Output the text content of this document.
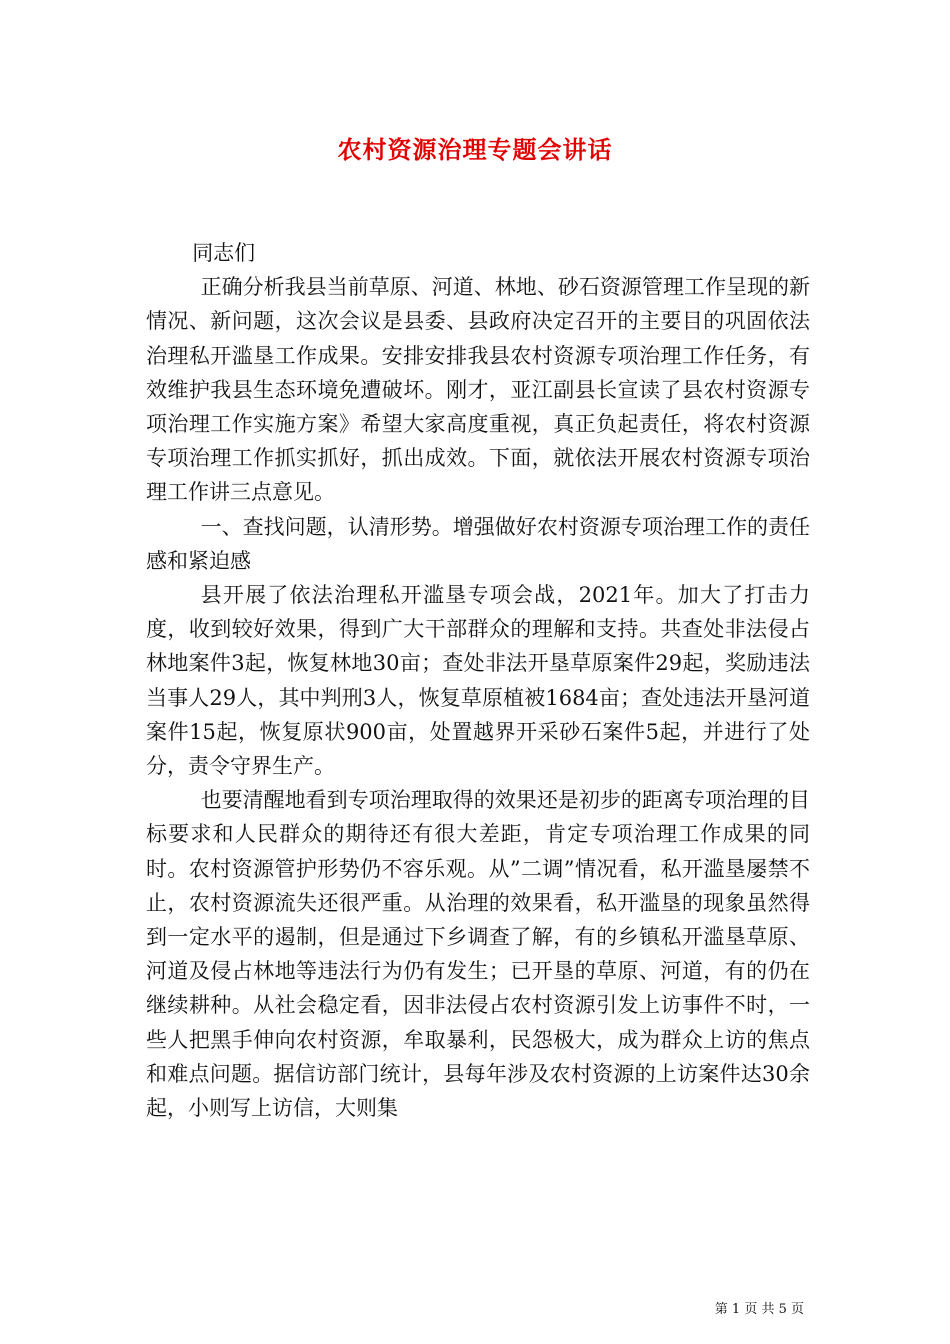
农村资源治理专题会讲话

同志们

正确分析我县当前草原、河道、林地、砂石资源管理工作呈现的新情况、新问题，这次会议是县委、县政府决定召开的主要目的巩固依法治理私开滥垦工作成果。安排安排我县农村资源专项治理工作任务，有效维护我县生态环境免遭破坏。刚才，亚江副县长宣读了县农村资源专项治理工作实施方案》希望大家高度重视，真正负起责任，将农村资源专项治理工作抓实抓好，抓出成效。下面，就依法开展农村资源专项治理工作讲三点意见。

一、查找问题，认清形势。增强做好农村资源专项治理工作的责任感和紧迫感

县开展了依法治理私开滥垦专项会战，2021年。加大了打击力度，收到较好效果，得到广大干部群众的理解和支持。共查处非法侵占林地案件3起，恢复林地30亩；查处非法开垦草原案件29起，奖励违法当事人29人，其中判刑3人，恢复草原植被1684亩；查处违法开垦河道案件15起，恢复原状900亩，处置越界开采砂石案件5起，并进行了处分，责令守界生产。

也要清醒地看到专项治理取得的效果还是初步的距离专项治理的目标要求和人民群众的期待还有很大差距，肯定专项治理工作成果的同时。农村资源管护形势仍不容乐观。从”二调”情况看，私开滥垦屡禁不止，农村资源流失还很严重。从治理的效果看，私开滥垦的现象虽然得到一定水平的遏制，但是通过下乡调查了解，有的乡镇私开滥垦草原、河道及侵占林地等违法行为仍有发生；已开垦的草原、河道，有的仍在继续耕种。从社会稳定看，因非法侵占农村资源引发上访事件不时，一些人把黑手伸向农村资源，牟取暴利，民怨极大，成为群众上访的焦点和难点问题。据信访部门统计，县每年涉及农村资源的上访案件达30余起，小则写上访信，大则集

第 1 页 共 5 页
